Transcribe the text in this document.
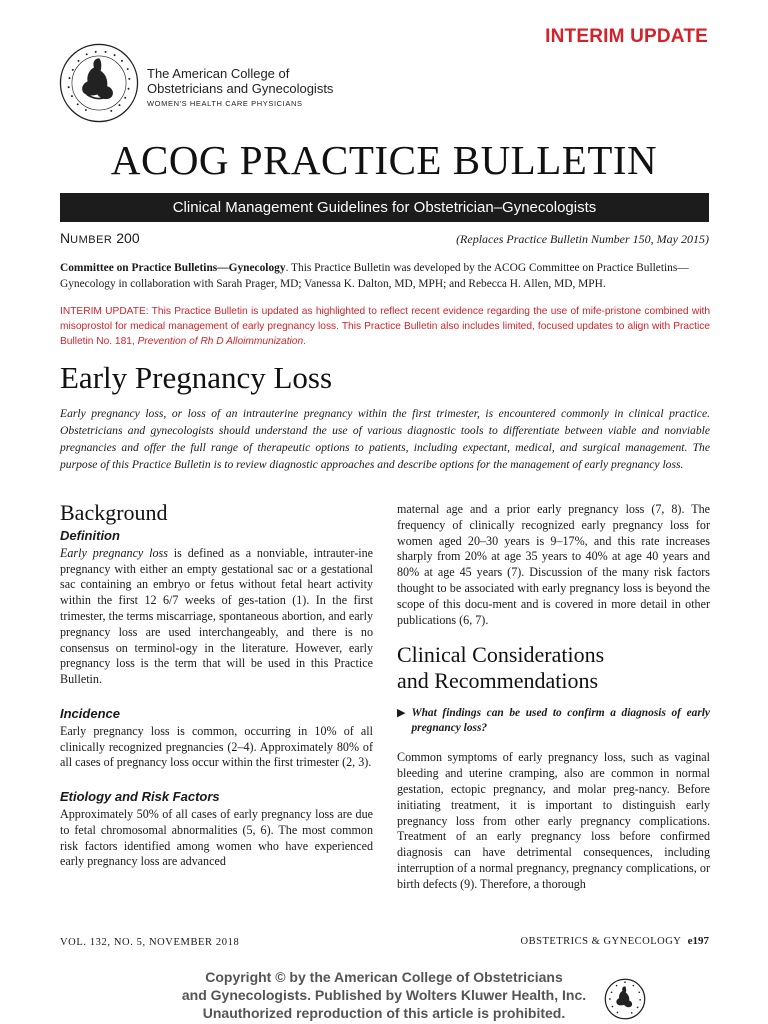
INTERIM UPDATE
The American College of
Obstetricians and Gynecologists
WOMEN'S HEALTH CARE PHYSICIANS
ACOG PRACTICE BULLETIN
Clinical Management Guidelines for Obstetrician–Gynecologists
NUMBER 200	(Replaces Practice Bulletin Number 150, May 2015)
Committee on Practice Bulletins—Gynecology. This Practice Bulletin was developed by the ACOG Committee on Practice Bulletins—Gynecology in collaboration with Sarah Prager, MD; Vanessa K. Dalton, MD, MPH; and Rebecca H. Allen, MD, MPH.
INTERIM UPDATE: This Practice Bulletin is updated as highlighted to reflect recent evidence regarding the use of mife-pristone combined with misoprostol for medical management of early pregnancy loss. This Practice Bulletin also includes limited, focused updates to align with Practice Bulletin No. 181, Prevention of Rh D Alloimmunization.
Early Pregnancy Loss
Early pregnancy loss, or loss of an intrauterine pregnancy within the first trimester, is encountered commonly in clinical practice. Obstetricians and gynecologists should understand the use of various diagnostic tools to differentiate between viable and nonviable pregnancies and offer the full range of therapeutic options to patients, including expectant, medical, and surgical management. The purpose of this Practice Bulletin is to review diagnostic approaches and describe options for the management of early pregnancy loss.
Background
Definition

Early pregnancy loss is defined as a nonviable, intrauter-ine pregnancy with either an empty gestational sac or a gestational sac containing an embryo or fetus without fetal heart activity within the first 12 6/7 weeks of ges-tation (1). In the first trimester, the terms miscarriage, spontaneous abortion, and early pregnancy loss are used interchangeably, and there is no consensus on terminol-ogy in the literature. However, early pregnancy loss is the term that will be used in this Practice Bulletin.

Incidence

Early pregnancy loss is common, occurring in 10% of all clinically recognized pregnancies (2–4). Approximately 80% of all cases of pregnancy loss occur within the first trimester (2, 3).

Etiology and Risk Factors

Approximately 50% of all cases of early pregnancy loss are due to fetal chromosomal abnormalities (5, 6). The most common risk factors identified among women who have experienced early pregnancy loss are advanced

maternal age and a prior early pregnancy loss (7, 8). The frequency of clinically recognized early pregnancy loss for women aged 20–30 years is 9–17%, and this rate increases sharply from 20% at age 35 years to 40% at age 40 years and 80% at age 45 years (7). Discussion of the many risk factors thought to be associated with early pregnancy loss is beyond the scope of this docu-ment and is covered in more detail in other publications (6, 7).

Clinical Considerations
and Recommendations
▶ What findings can be used to confirm a diagnosis of early pregnancy loss?

Common symptoms of early pregnancy loss, such as vaginal bleeding and uterine cramping, also are common in normal gestation, ectopic pregnancy, and molar preg-nancy. Before initiating treatment, it is important to distinguish early pregnancy loss from other early pregnancy complications. Treatment of an early pregnancy loss before confirmed diagnosis can have detrimental consequences, including interruption of a normal pregnancy, pregnancy complications, or birth defects (9). Therefore, a thorough

VOL. 132, NO. 5, NOVEMBER 2018	OBSTETRICS & GYNECOLOGY e197
Copyright © by the American College of Obstetricians
and Gynecologists. Published by Wolters Kluwer Health, Inc.
Unauthorized reproduction of this article is prohibited.
